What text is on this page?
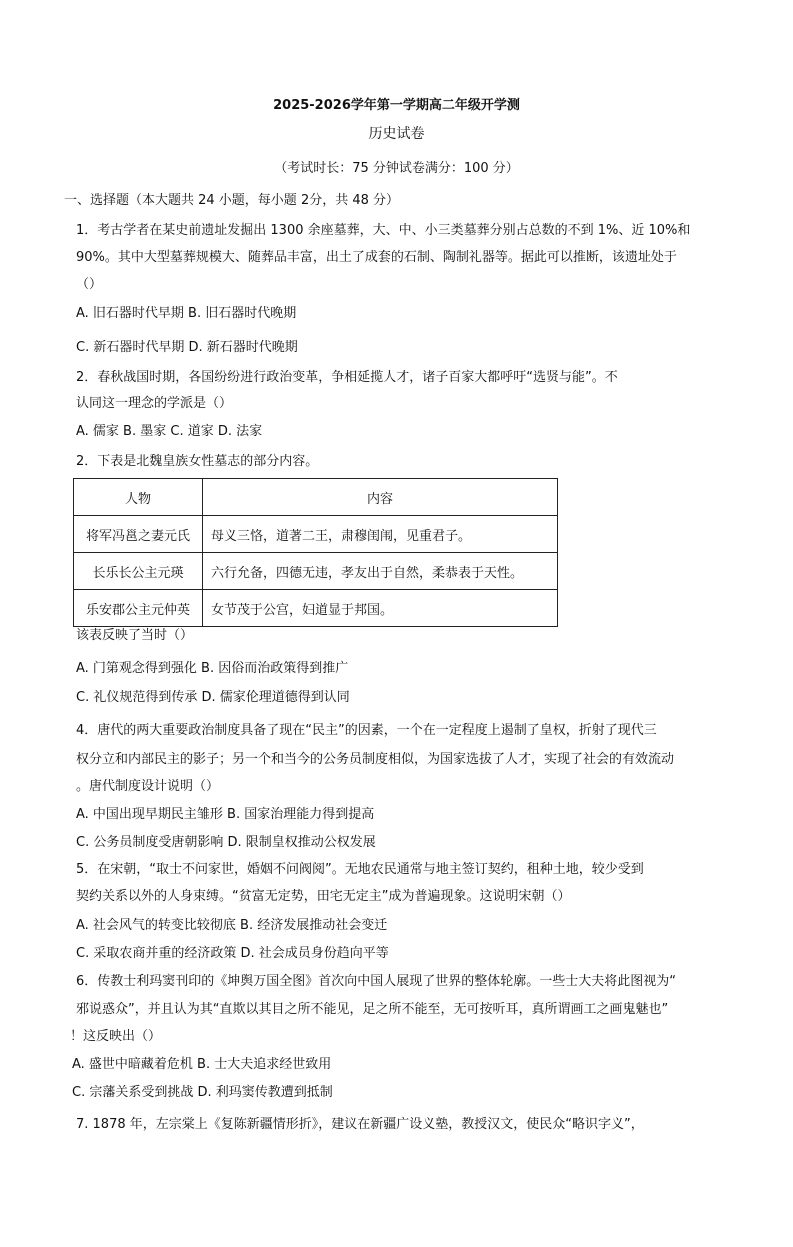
2025-2026学年第一学期高二年级开学测
历史试卷
（考试时长：75 分钟试卷满分：100 分）
一、选择题（本大题共 24 小题，每小题 2分，共 48 分）
1．考古学者在某史前遗址发掘出 1300 余座墓葬，大、中、小三类墓葬分别占总数的不到 1%、近 10%和
90%。其中大型墓葬规模大、随葬品丰富，出土了成套的石制、陶制礼器等。据此可以推断，该遗址处于
（）
A. 旧石器时代早期 B. 旧石器时代晚期
C. 新石器时代早期 D. 新石器时代晚期
2．春秋战国时期，各国纷纷进行政治变革，争相延揽人才，诸子百家大都呼吁“选贤与能”。不
认同这一理念的学派是（）
A. 儒家 B. 墨家 C. 道家 D. 法家
2．下表是北魏皇族女性墓志的部分内容。
人物	内容
将军冯邕之妻元氏	母义三恪，道著二王，肃穆闺闱，见重君子。
长乐长公主元瑛	六行允备，四德无违，孝友出于自然，柔恭表于天性。
乐安郡公主元仲英	女节茂于公宫，妇道显于邦国。
该表反映了当时（）
A. 门第观念得到强化 B. 因俗而治政策得到推广
C. 礼仪规范得到传承 D. 儒家伦理道德得到认同
4．唐代的两大重要政治制度具备了现在“民主”的因素，一个在一定程度上遏制了皇权，折射了现代三
权分立和内部民主的影子；另一个和当今的公务员制度相似，为国家选拔了人才，实现了社会的有效流动
。唐代制度设计说明（）
A. 中国出现早期民主雏形 B. 国家治理能力得到提高
C. 公务员制度受唐朝影响 D. 限制皇权推动公权发展
5．在宋朝，“取士不问家世，婚姻不问阀阅”。无地农民通常与地主签订契约，租种土地，较少受到
契约关系以外的人身束缚。“贫富无定势，田宅无定主”成为普遍现象。这说明宋朝（）
A. 社会风气的转变比较彻底 B. 经济发展推动社会变迁
C. 采取农商并重的经济政策 D. 社会成员身份趋向平等
6．传教士利玛窦刊印的《坤舆万国全图》首次向中国人展现了世界的整体轮廓。一些士大夫将此图视为“
邪说惑众”，并且认为其“直欺以其目之所不能见，足之所不能至，无可按听耳，真所谓画工之画鬼魅也”
！这反映出（）
A. 盛世中暗藏着危机 B. 士大夫追求经世致用
C. 宗藩关系受到挑战 D. 利玛窦传教遭到抵制
7. 1878 年，左宗棠上《复陈新疆情形折》，建议在新疆广设义塾，教授汉文，使民众“略识字义”，
